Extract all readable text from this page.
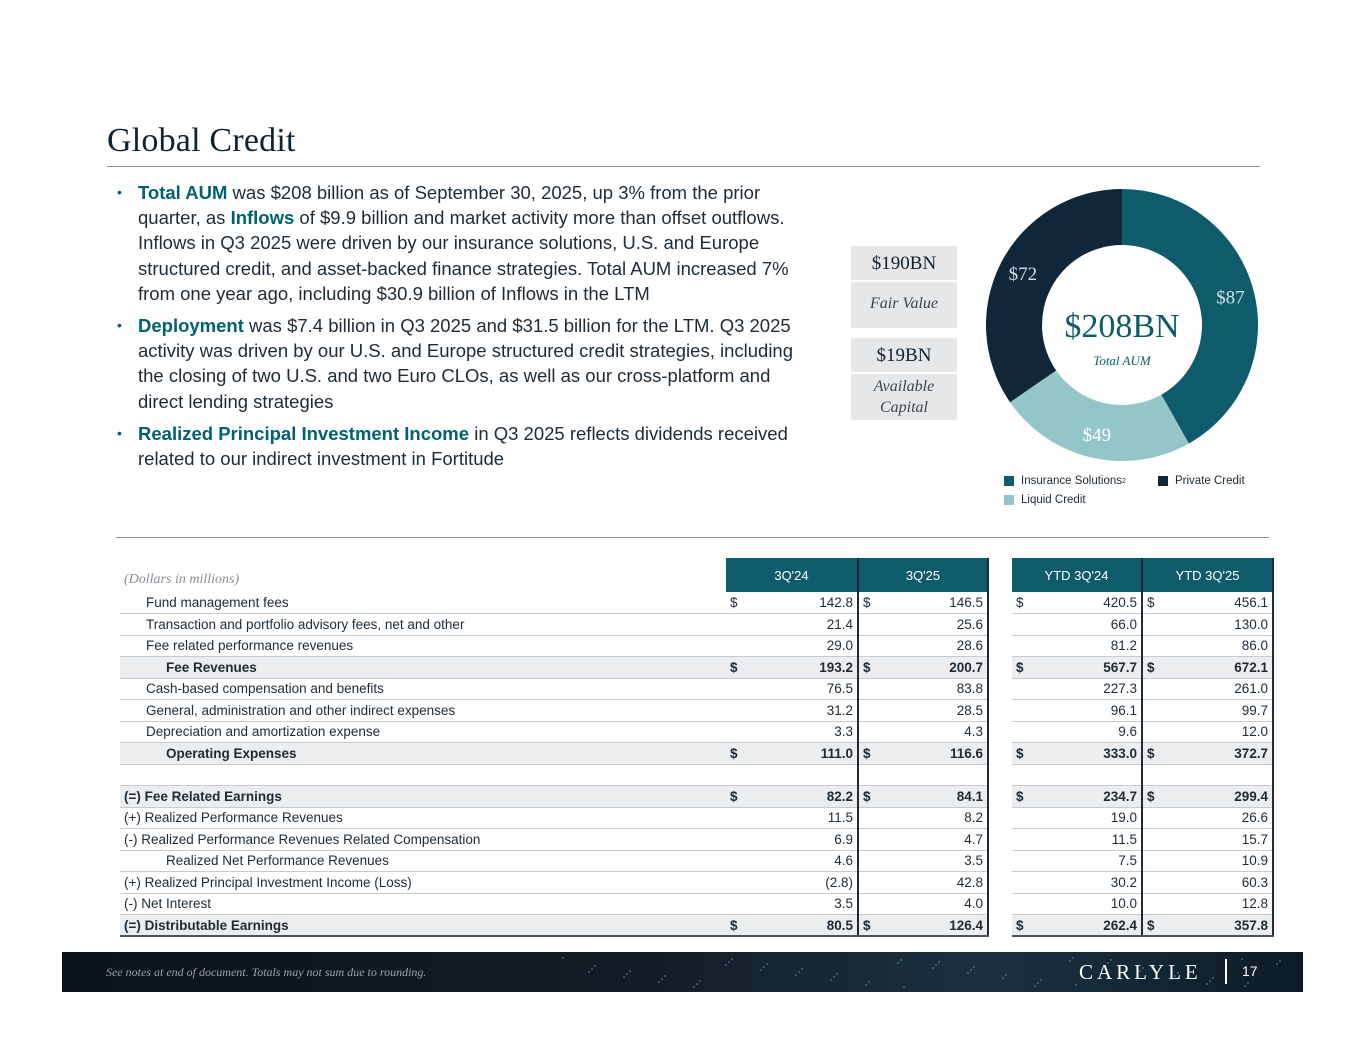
Global Credit
• Total AUM was $208 billion as of September 30, 2025, up 3% from the prior quarter, as Inflows of $9.9 billion and market activity more than offset outflows. Inflows in Q3 2025 were driven by our insurance solutions, U.S. and Europe structured credit, and asset-backed finance strategies. Total AUM increased 7% from one year ago, including $30.9 billion of Inflows in the LTM
• Deployment was $7.4 billion in Q3 2025 and $31.5 billion for the LTM. Q3 2025 activity was driven by our U.S. and Europe structured credit strategies, including the closing of two U.S. and two Euro CLOs, as well as our cross-platform and direct lending strategies
• Realized Principal Investment Income in Q3 2025 reflects dividends received related to our indirect investment in Fortitude
$190BN
Fair Value
$19BN
Available Capital
$87
$49
$72
$208BN
Total AUM
Insurance Solutions 2	Private Credit
Liquid Credit
(Dollars in millions)	3Q'24	3Q'25		YTD 3Q'24	YTD 3Q'25
Fund management fees	$ 142.8	$ 146.5		$ 420.5	$ 456.1
Transaction and portfolio advisory fees, net and other	21.4	25.6		66.0	130.0
Fee related performance revenues	29.0	28.6		81.2	86.0
Fee Revenues	$ 193.2	$ 200.7		$ 567.7	$ 672.1
Cash-based compensation and benefits	76.5	83.8		227.3	261.0
General, administration and other indirect expenses	31.2	28.5		96.1	99.7
Depreciation and amortization expense	3.3	4.3		9.6	12.0
Operating Expenses	$ 111.0	$ 116.6		$ 333.0	$ 372.7

(=) Fee Related Earnings	$ 82.2	$ 84.1		$ 234.7	$ 299.4
(+) Realized Performance Revenues	11.5	8.2		19.0	26.6
(-) Realized Performance Revenues Related Compensation	6.9	4.7		11.5	15.7
Realized Net Performance Revenues	4.6	3.5		7.5	10.9
(+) Realized Principal Investment Income (Loss)	(2.8)	42.8		30.2	60.3
(-) Net Interest	3.5	4.0		10.0	12.8
(=) Distributable Earnings	$ 80.5	$ 126.4		$ 262.4	$ 357.8
See notes at end of document. Totals may not sum due to rounding.	CARLYLE	17
